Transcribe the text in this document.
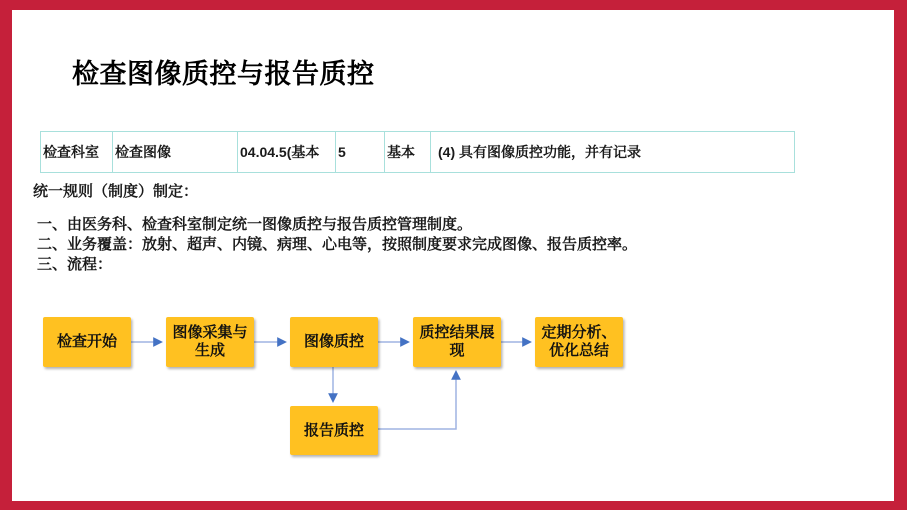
检查图像质控与报告质控
检查科室	检查图像	04.04.5(基本	5	基本	(4) 具有图像质控功能，并有记录

统一规则（制度）制定：

一、由医务科、检查科室制定统一图像质控与报告质控管理制度。

二、业务覆盖：放射、超声、内镜、病理、心电等，按照制度要求完成图像、报告质控率。

三、流程：

检查开始
图像采集与生成
图像质控
质控结果展现
定期分析、优化总结
报告质控
